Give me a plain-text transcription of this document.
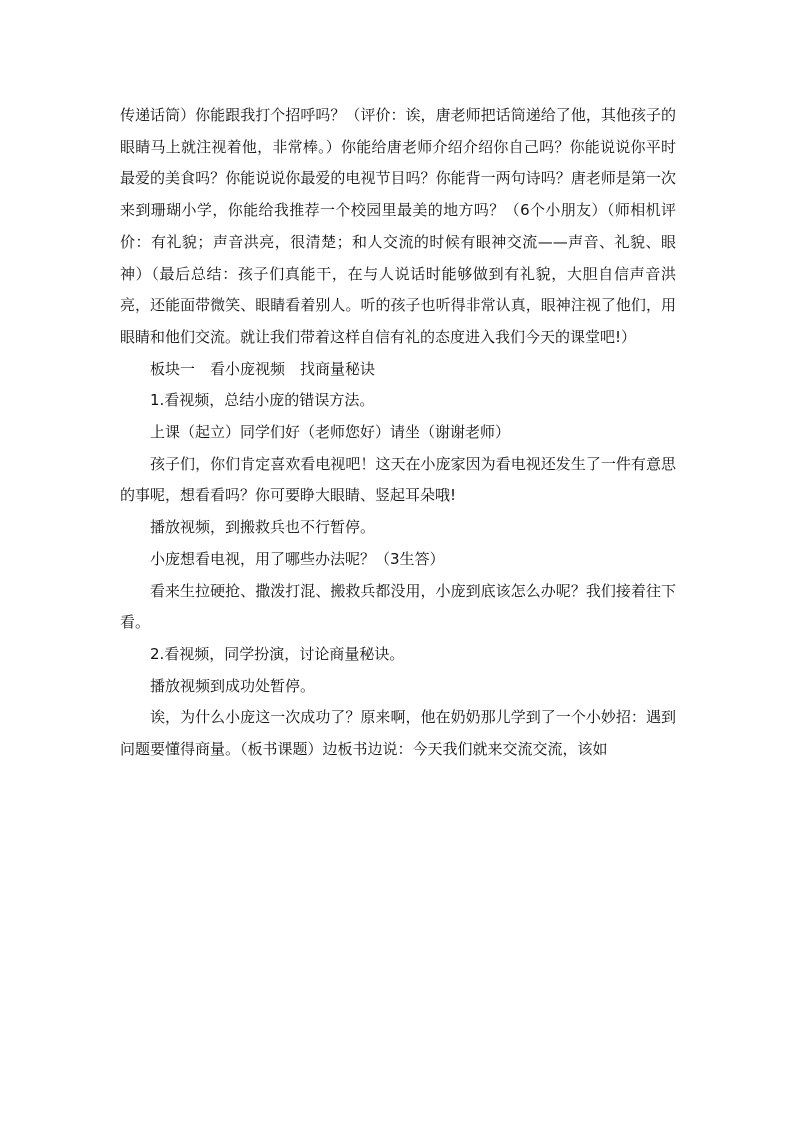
传递话筒）你能跟我打个招呼吗？（评价：诶，唐老师把话筒递给了他，其他孩子的眼睛马上就注视着他，非常棒。）你能给唐老师介绍介绍你自己吗？你能说说你平时最爱的美食吗？你能说说你最爱的电视节目吗？你能背一两句诗吗？唐老师是第一次来到珊瑚小学，你能给我推荐一个校园里最美的地方吗？（6个小朋友）（师相机评价：有礼貌；声音洪亮，很清楚；和人交流的时候有眼神交流——声音、礼貌、眼神）（最后总结：孩子们真能干，在与人说话时能够做到有礼貌，大胆自信声音洪亮，还能面带微笑、眼睛看着别人。听的孩子也听得非常认真，眼神注视了他们，用眼睛和他们交流。就让我们带着这样自信有礼的态度进入我们今天的课堂吧!）

板块一　看小庞视频　找商量秘诀

1.看视频，总结小庞的错误方法。

上课（起立）同学们好（老师您好）请坐（谢谢老师）

孩子们，你们肯定喜欢看电视吧！这天在小庞家因为看电视还发生了一件有意思的事呢，想看看吗？你可要睁大眼睛、竖起耳朵哦!

播放视频，到搬救兵也不行暂停。

小庞想看电视，用了哪些办法呢？（3生答）

看来生拉硬抢、撒泼打混、搬救兵都没用，小庞到底该怎么办呢？我们接着往下看。

2.看视频，同学扮演，讨论商量秘诀。

播放视频到成功处暂停。

诶，为什么小庞这一次成功了？原来啊，他在奶奶那儿学到了一个小妙招：遇到问题要懂得商量。（板书课题）边板书边说：今天我们就来交流交流，该如
